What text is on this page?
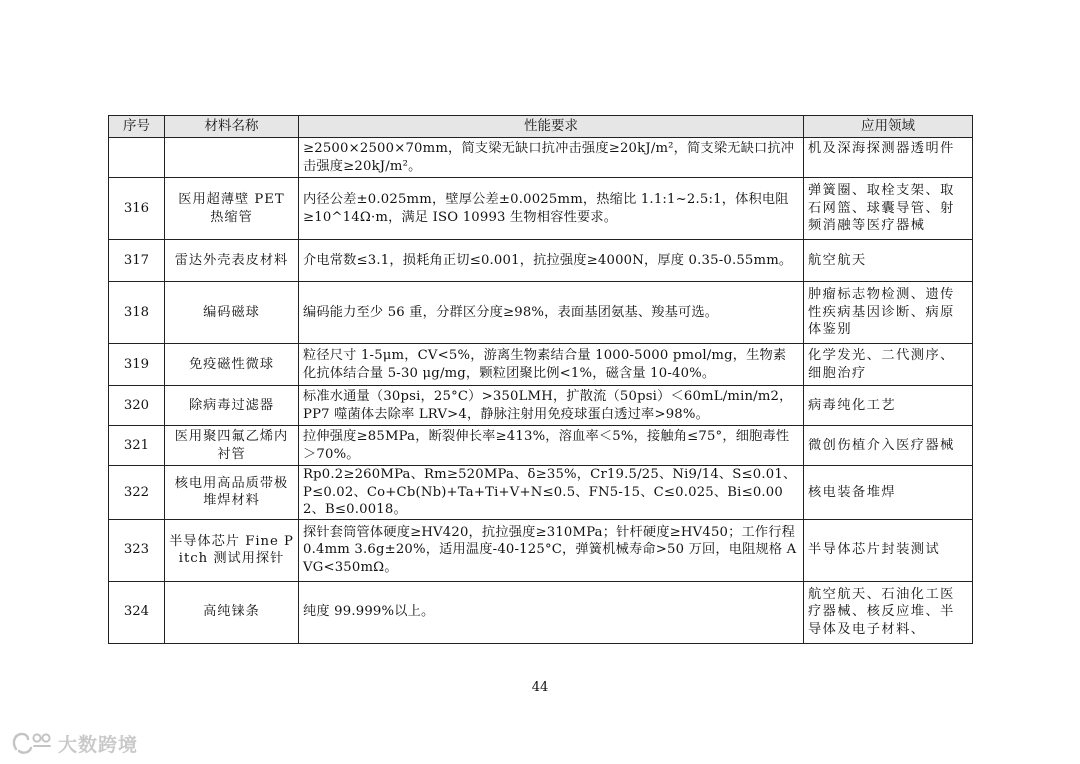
序号	材料名称	性能要求	应用领域
		≥2500×2500×70mm，简支梁无缺口抗冲击强度≥20kJ/m²，简支梁无缺口抗冲击强度≥20kJ/m²。	机及深海探测器透明件
316	医用超薄壁 PET 热缩管	内径公差±0.025mm，壁厚公差±0.0025mm，热缩比 1.1:1~2.5:1，体积电阻≥10^14Ω·m，满足 ISO 10993 生物相容性要求。	弹簧圈、取栓支架、取石网篮、球囊导管、射频消融等医疗器械
317	雷达外壳表皮材料	介电常数≤3.1，损耗角正切≤0.001，抗拉强度≥4000N，厚度 0.35-0.55mm。	航空航天
318	编码磁球	编码能力至少 56 重，分群区分度≥98%，表面基团氨基、羧基可选。	肿瘤标志物检测、遗传性疾病基因诊断、病原体鉴别
319	免疫磁性微球	粒径尺寸 1-5μm，CV<5%，游离生物素结合量 1000-5000 pmol/mg，生物素化抗体结合量 5-30 μg/mg，颗粒团聚比例<1%，磁含量 10-40%。	化学发光、二代测序、细胞治疗
320	除病毒过滤器	标准水通量（30psi，25°C）>350LMH，扩散流（50psi）＜60mL/min/m2，PP7 噬菌体去除率 LRV>4，静脉注射用免疫球蛋白透过率>98%。	病毒纯化工艺
321	医用聚四氟乙烯内衬管	拉伸强度≥85MPa，断裂伸长率≥413%，溶血率＜5%，接触角≤75°，细胞毒性＞70%。	微创伤植介入医疗器械
322	核电用高品质带极堆焊材料	Rp0.2≥260MPa、Rm≥520MPa、δ≥35%，Cr19.5/25、Ni9/14、S≤0.01、P≤0.02、Co+Cb(Nb)+Ta+Ti+V+N≤0.5、FN5-15、C≤0.025、Bi≤0.002、B≤0.0018。	核电装备堆焊
323	半导体芯片 Fine Pitch 测试用探针	探针套筒管体硬度≥HV420，抗拉强度≥310MPa；针杆硬度≥HV450；工作行程 0.4mm 3.6g±20%，适用温度-40-125°C，弹簧机械寿命>50 万回，电阻规格 AVG<350mΩ。	半导体芯片封装测试
324	高纯铼条	纯度 99.999%以上。	航空航天、石油化工医疗器械、核反应堆、半导体及电子材料、
44
大数跨境
